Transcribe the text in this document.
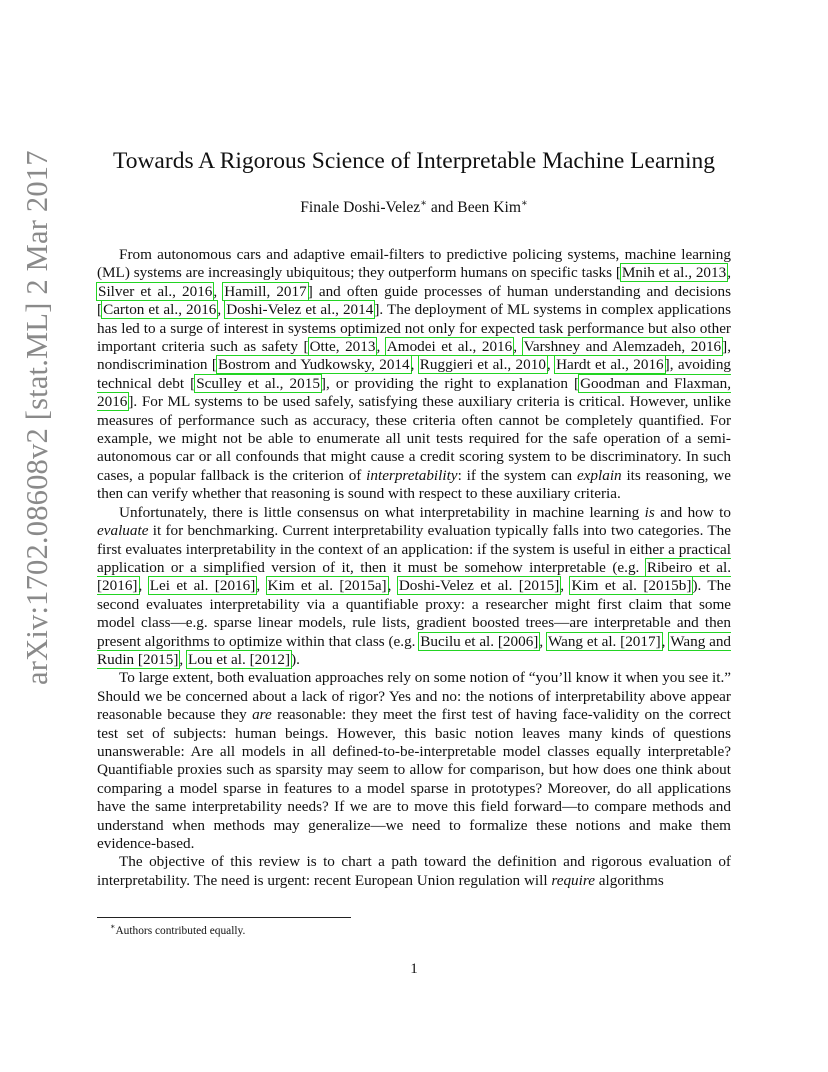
arXiv:1702.08608v2 [stat.ML] 2 Mar 2017	Towards A Rigorous Science of Interpretable Machine Learning
Finale Doshi-Velez∗ and Been Kim∗

From autonomous cars and adaptive email-filters to predictive policing systems, machine learning (ML) systems are increasingly ubiquitous; they outperform humans on specific tasks [Mnih et al., 2013, Silver et al., 2016, Hamill, 2017] and often guide processes of human understanding and decisions [Carton et al., 2016, Doshi-Velez et al., 2014]. The deployment of ML systems in complex applications has led to a surge of interest in systems optimized not only for expected task performance but also other important criteria such as safety [Otte, 2013, Amodei et al., 2016, Varshney and Alemzadeh, 2016], nondiscrimination [Bostrom and Yudkowsky, 2014, Ruggieri et al., 2010, Hardt et al., 2016], avoiding technical debt [Sculley et al., 2015], or providing the right to explanation [Goodman and Flaxman, 2016]. For ML systems to be used safely, satisfying these auxiliary criteria is critical. However, unlike measures of performance such as accuracy, these criteria often cannot be completely quantified. For example, we might not be able to enumerate all unit tests required for the safe operation of a semi-autonomous car or all confounds that might cause a credit scoring system to be discriminatory. In such cases, a popular fallback is the criterion of interpretability: if the system can explain its reasoning, we then can verify whether that reasoning is sound with respect to these auxiliary criteria.

Unfortunately, there is little consensus on what interpretability in machine learning is and how to evaluate it for benchmarking. Current interpretability evaluation typically falls into two categories. The first evaluates interpretability in the context of an application: if the system is useful in either a practical application or a simplified version of it, then it must be somehow interpretable (e.g. Ribeiro et al. [2016], Lei et al. [2016], Kim et al. [2015a], Doshi-Velez et al. [2015], Kim et al. [2015b]). The second evaluates interpretability via a quantifiable proxy: a researcher might first claim that some model class—e.g. sparse linear models, rule lists, gradient boosted trees—are interpretable and then present algorithms to optimize within that class (e.g. Bucilu et al. [2006], Wang et al. [2017], Wang and Rudin [2015], Lou et al. [2012]).

To large extent, both evaluation approaches rely on some notion of “you’ll know it when you see it.” Should we be concerned about a lack of rigor? Yes and no: the notions of interpretability above appear reasonable because they are reasonable: they meet the first test of having face-validity on the correct test set of subjects: human beings. However, this basic notion leaves many kinds of questions unanswerable: Are all models in all defined-to-be-interpretable model classes equally interpretable? Quantifiable proxies such as sparsity may seem to allow for comparison, but how does one think about comparing a model sparse in features to a model sparse in prototypes? Moreover, do all applications have the same interpretability needs? If we are to move this field forward—to compare methods and understand when methods may generalize—we need to formalize these notions and make them evidence-based.

The objective of this review is to chart a path toward the definition and rigorous evaluation of interpretability. The need is urgent: recent European Union regulation will require algorithms

∗Authors contributed equally.
1
